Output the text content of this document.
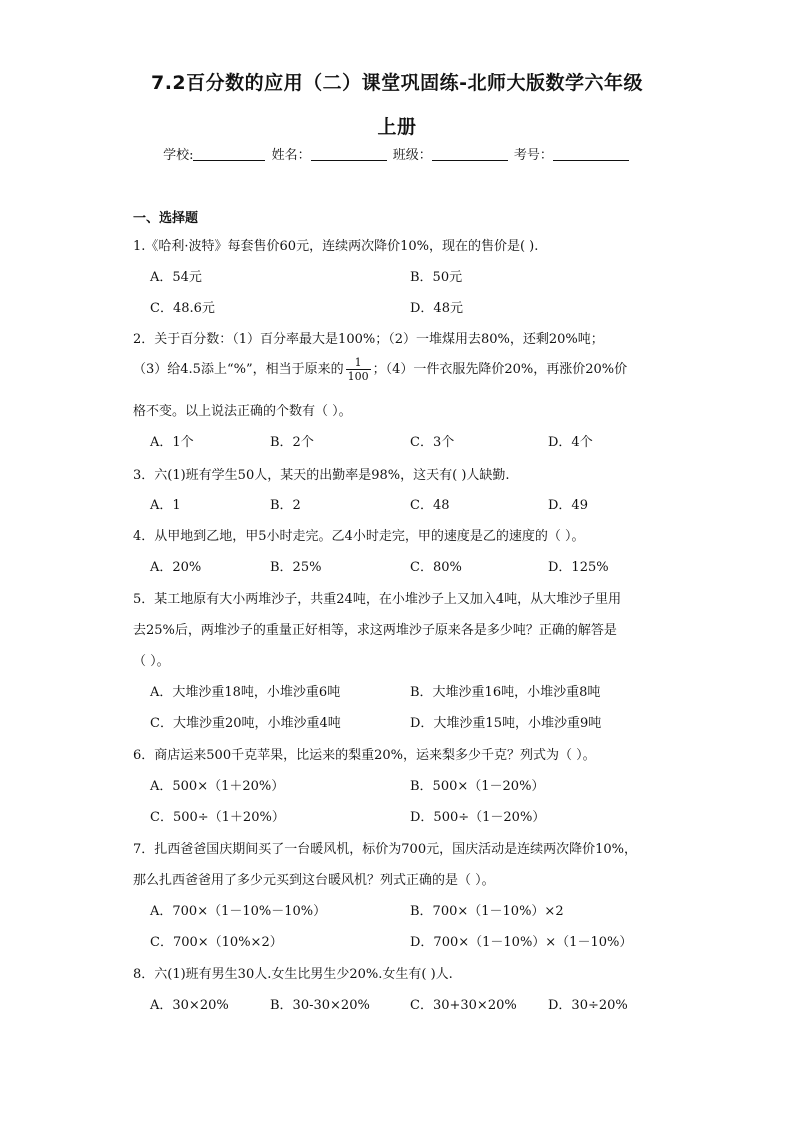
7.2百分数的应用（二）课堂巩固练-北师大版数学六年级
上册
学校:	姓名：	班级：	考号：
一、选择题
1.《哈利·波特》每套售价60元，连续两次降价10%，现在的售价是( ).
A．54元	B．50元
C．48.6元	D．48元
2．关于百分数：（1）百分率最大是100%；（2）一堆煤用去80%，还剩20%吨；
（3）给4.5添上“%”，相当于原来的 $\frac{1}{100}$ ；（4）一件衣服先降价20%，再涨价20%价
格不变。以上说法正确的个数有（ ）。
A．1个	B．2个	C．3个	D．4个
3．六(1)班有学生50人，某天的出勤率是98%，这天有( )人缺勤.
A．1	B．2	C．48	D．49
4．从甲地到乙地，甲5小时走完。乙4小时走完，甲的速度是乙的速度的（ ）。
A．20%	B．25%	C．80%	D．125%
5．某工地原有大小两堆沙子，共重24吨，在小堆沙子上又加入4吨，从大堆沙子里用
去25%后，两堆沙子的重量正好相等，求这两堆沙子原来各是多少吨？正确的解答是
（ ）。
A．大堆沙重18吨，小堆沙重6吨	B．大堆沙重16吨，小堆沙重8吨
C．大堆沙重20吨，小堆沙重4吨	D．大堆沙重15吨，小堆沙重9吨
6．商店运来500千克苹果，比运来的梨重20%，运来梨多少千克？列式为（ ）。
A．500×（1＋20%）	B．500×（1－20%）
C．500÷（1＋20%）	D．500÷（1－20%）
7．扎西爸爸国庆期间买了一台暖风机，标价为700元，国庆活动是连续两次降价10%，
那么扎西爸爸用了多少元买到这台暖风机？列式正确的是（ ）。
A．700×（1－10%－10%）	B．700×（1－10%）×2
C．700×（10%×2）	D．700×（1－10%）×（1－10%）
8．六(1)班有男生30人.女生比男生少20%.女生有( )人.
A．30×20%	B．30-30×20%	C．30+30×20% D．30÷20%
